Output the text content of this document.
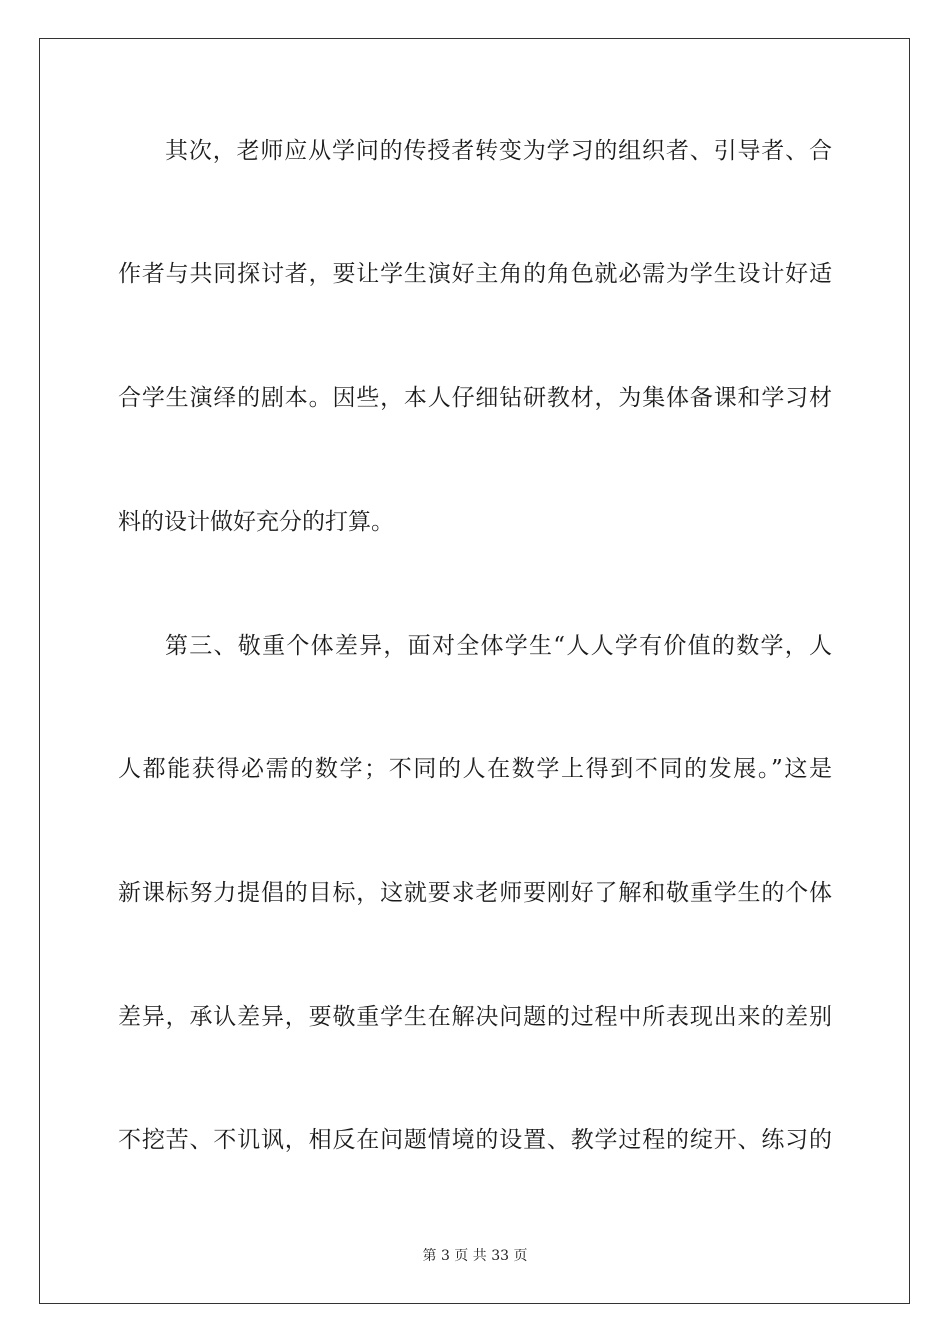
其次，老师应从学问的传授者转变为学习的组织者、引导者、合
作者与共同探讨者，要让学生演好主角的角色就必需为学生设计好适
合学生演绎的剧本。因些，本人仔细钻研教材，为集体备课和学习材
料的设计做好充分的打算。
第三、敬重个体差异，面对全体学生“人人学有价值的数学，人
人都能获得必需的数学；不同的人在数学上得到不同的发展。”这是
新课标努力提倡的目标，这就要求老师要刚好了解和敬重学生的个体
差异，承认差异，要敬重学生在解决问题的过程中所表现出来的差别
不挖苦、不讥讽，相反在问题情境的设置、教学过程的绽开、练习的
第 3 页 共 33 页
